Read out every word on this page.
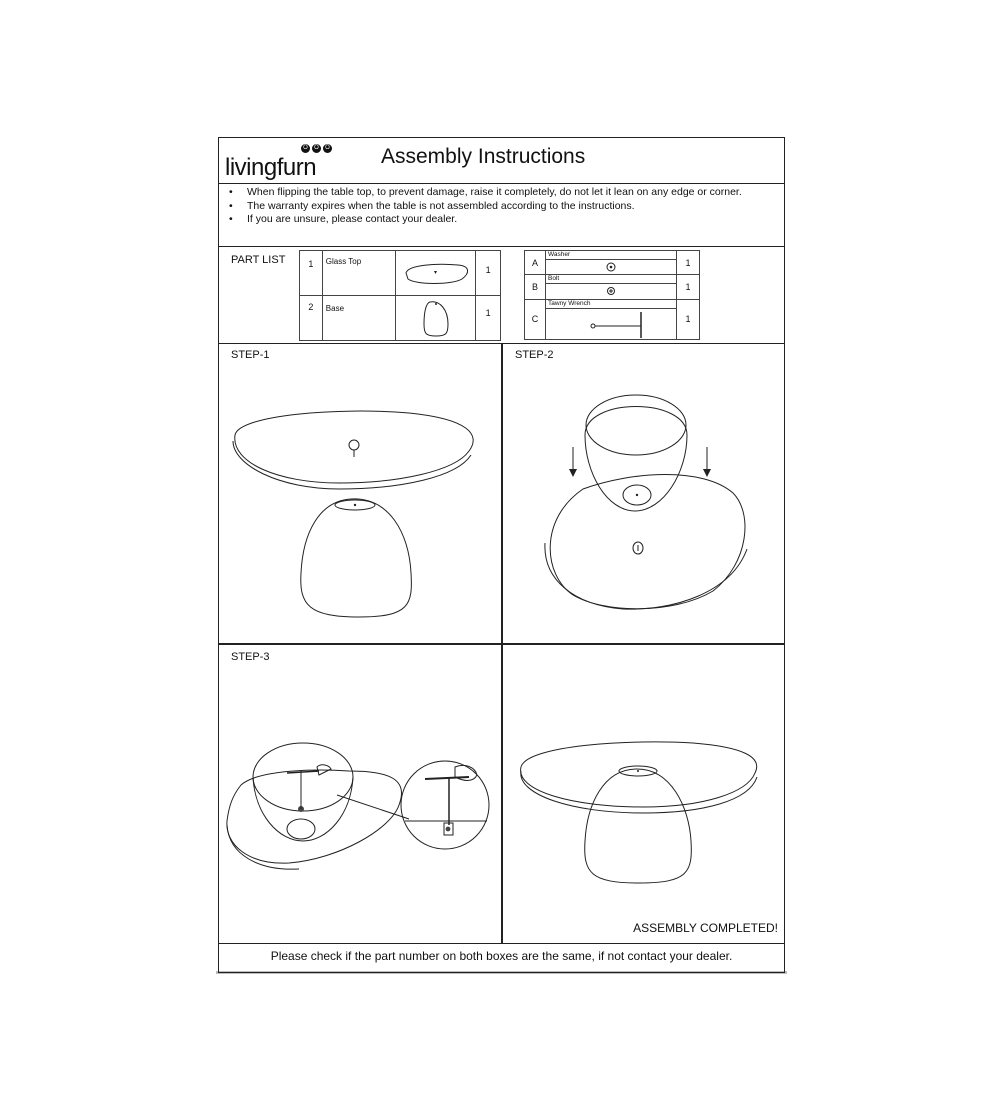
O	O	O
livingfurn	Assembly Instructions
• When flipping the table top, to prevent damage, raise it completely, do not let it lean on any edge or corner.
• The warranty expires when the table is not assembled according to the instructions.
• If you are unsure, please contact your dealer.
PART LIST	1	Glass Top		1
2	Base		1
A	Washer	1
B	Bolt	1
C	Tawny Wrench	1
STEP-1	STEP-2
STEP-3
ASSEMBLY COMPLETED!
Please check if the part number on both boxes are the same, if not contact your dealer.
